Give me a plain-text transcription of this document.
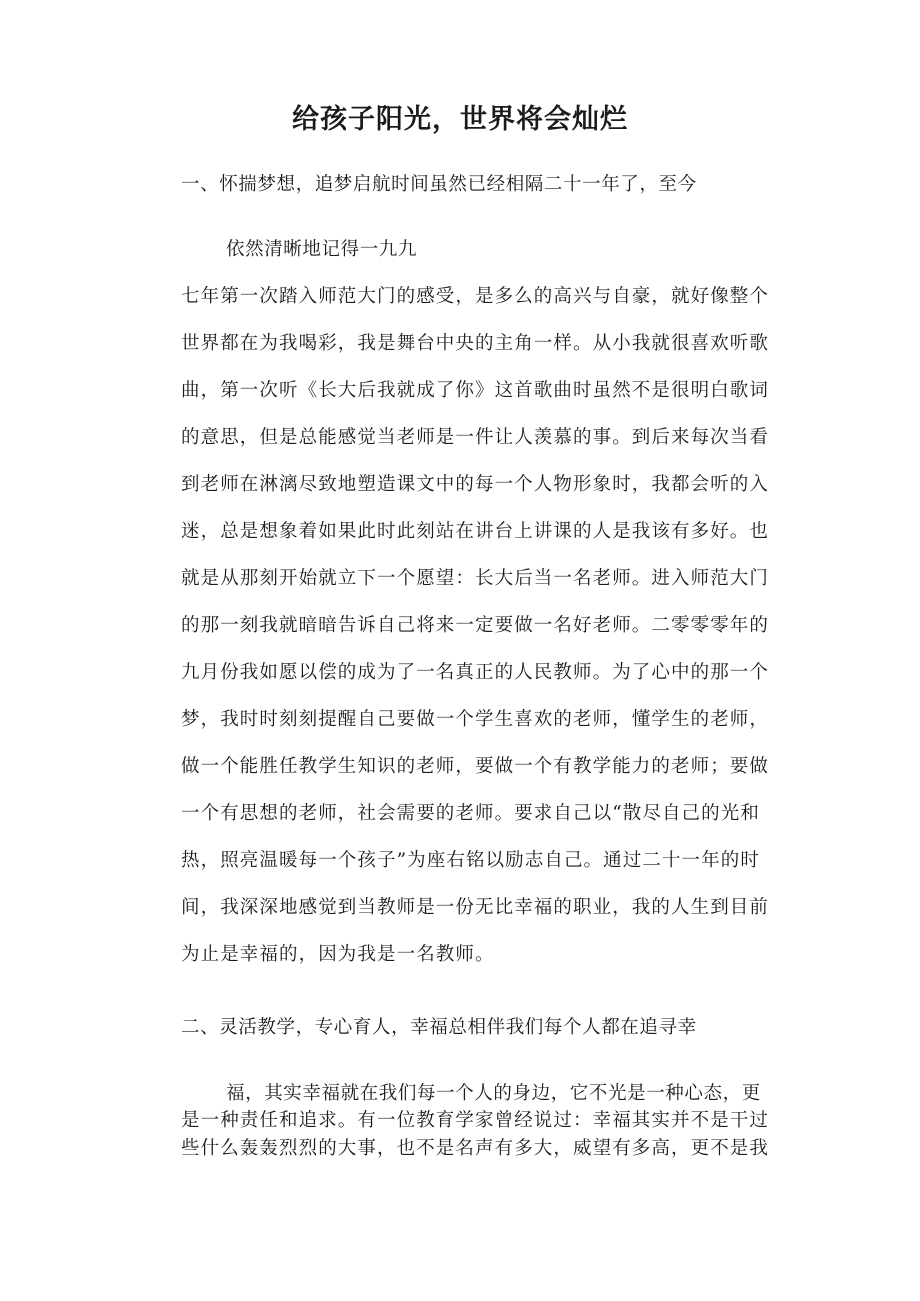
给孩子阳光，世界将会灿烂

一、怀揣梦想，追梦启航时间虽然已经相隔二十一年了，至今

依然清晰地记得一九九

七年第一次踏入师范大门的感受，是多么的高兴与自豪，就好像整个

世界都在为我喝彩，我是舞台中央的主角一样。从小我就很喜欢听歌

曲，第一次听《长大后我就成了你》这首歌曲时虽然不是很明白歌词

的意思，但是总能感觉当老师是一件让人羡慕的事。到后来每次当看

到老师在淋漓尽致地塑造课文中的每一个人物形象时，我都会听的入

迷，总是想象着如果此时此刻站在讲台上讲课的人是我该有多好。也

就是从那刻开始就立下一个愿望：长大后当一名老师。进入师范大门

的那一刻我就暗暗告诉自己将来一定要做一名好老师。二零零零年的

九月份我如愿以偿的成为了一名真正的人民教师。为了心中的那一个

梦，我时时刻刻提醒自己要做一个学生喜欢的老师，懂学生的老师，

做一个能胜任教学生知识的老师，要做一个有教学能力的老师；要做

一个有思想的老师，社会需要的老师。要求自己以“散尽自己的光和

热，照亮温暖每一个孩子”为座右铭以励志自己。通过二十一年的时

间，我深深地感觉到当教师是一份无比幸福的职业，我的人生到目前

为止是幸福的，因为我是一名教师。

二、灵活教学，专心育人，幸福总相伴我们每个人都在追寻幸

福，其实幸福就在我们每一个人的身边，它不光是一种心态，更

是一种责任和追求。有一位教育学家曾经说过：幸福其实并不是干过

些什么轰轰烈烈的大事，也不是名声有多大，威望有多高，更不是我
